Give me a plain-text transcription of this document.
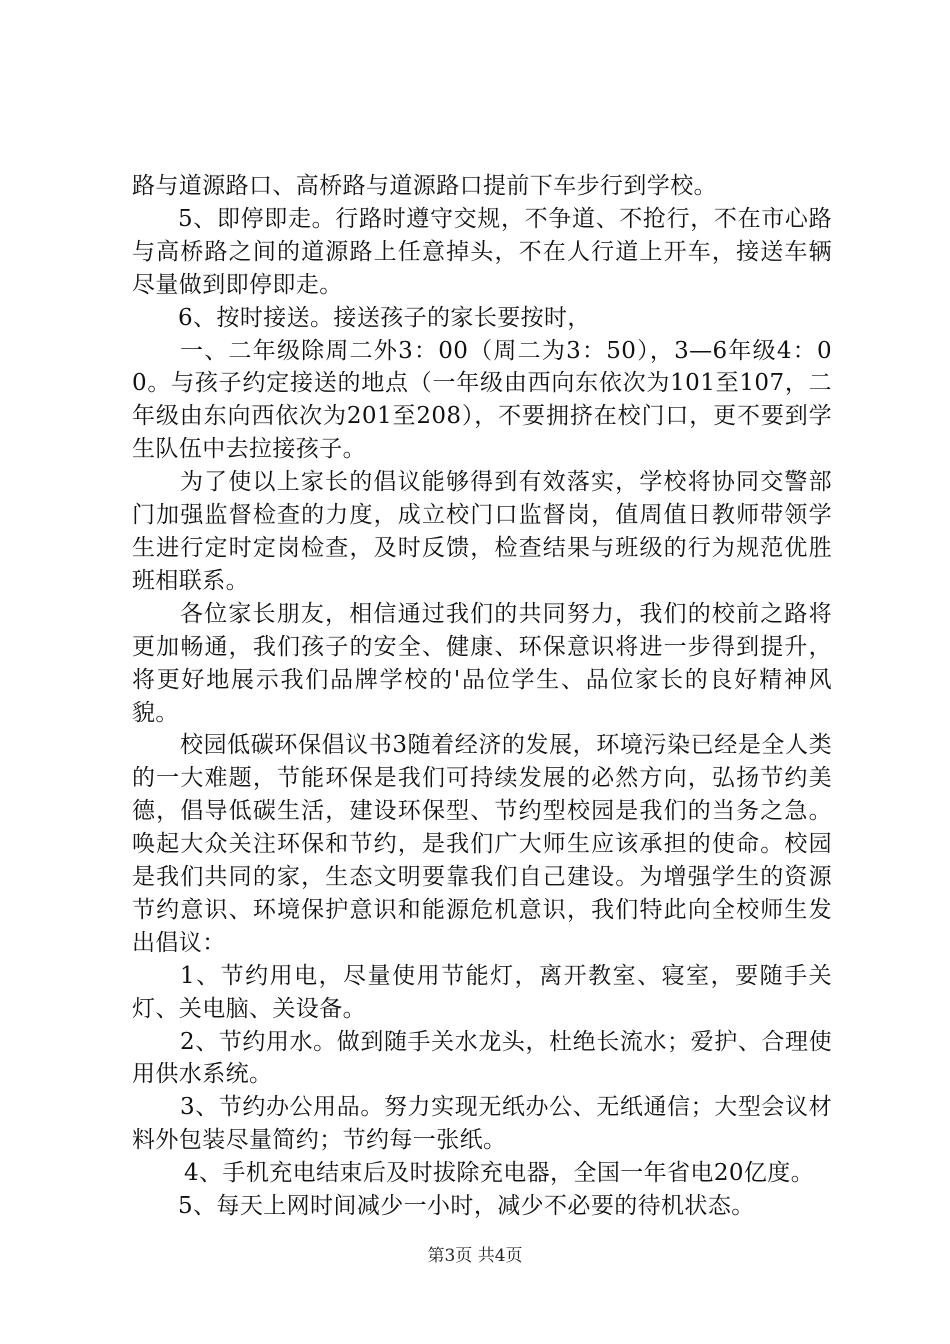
路与道源路口、高桥路与道源路口提前下车步行到学校。

5、即停即走。行路时遵守交规，不争道、不抢行，不在市心路与高桥路之间的道源路上任意掉头，不在人行道上开车，接送车辆尽量做到即停即走。

6、按时接送。接送孩子的家长要按时，

一、二年级除周二外3：00（周二为3：50），3—6年级4：00。与孩子约定接送的地点（一年级由西向东依次为101至107，二年级由东向西依次为201至208），不要拥挤在校门口，更不要到学生队伍中去拉接孩子。

为了使以上家长的倡议能够得到有效落实，学校将协同交警部门加强监督检查的力度，成立校门口监督岗，值周值日教师带领学生进行定时定岗检查，及时反馈，检查结果与班级的行为规范优胜班相联系。

各位家长朋友，相信通过我们的共同努力，我们的校前之路将更加畅通，我们孩子的安全、健康、环保意识将进一步得到提升，将更好地展示我们品牌学校的'品位学生、品位家长的良好精神风貌。

校园低碳环保倡议书3随着经济的发展，环境污染已经是全人类的一大难题，节能环保是我们可持续发展的必然方向，弘扬节约美德，倡导低碳生活，建设环保型、节约型校园是我们的当务之急。唤起大众关注环保和节约，是我们广大师生应该承担的使命。校园是我们共同的家，生态文明要靠我们自己建设。为增强学生的资源节约意识、环境保护意识和能源危机意识，我们特此向全校师生发出倡议：

1、节约用电，尽量使用节能灯，离开教室、寝室，要随手关灯、关电脑、关设备。

2、节约用水。做到随手关水龙头，杜绝长流水；爱护、合理使用供水系统。

3、节约办公用品。努力实现无纸办公、无纸通信；大型会议材料外包装尽量简约；节约每一张纸。

4、手机充电结束后及时拔除充电器，全国一年省电20亿度。

5、每天上网时间减少一小时，减少不必要的待机状态。

第3页 共4页
